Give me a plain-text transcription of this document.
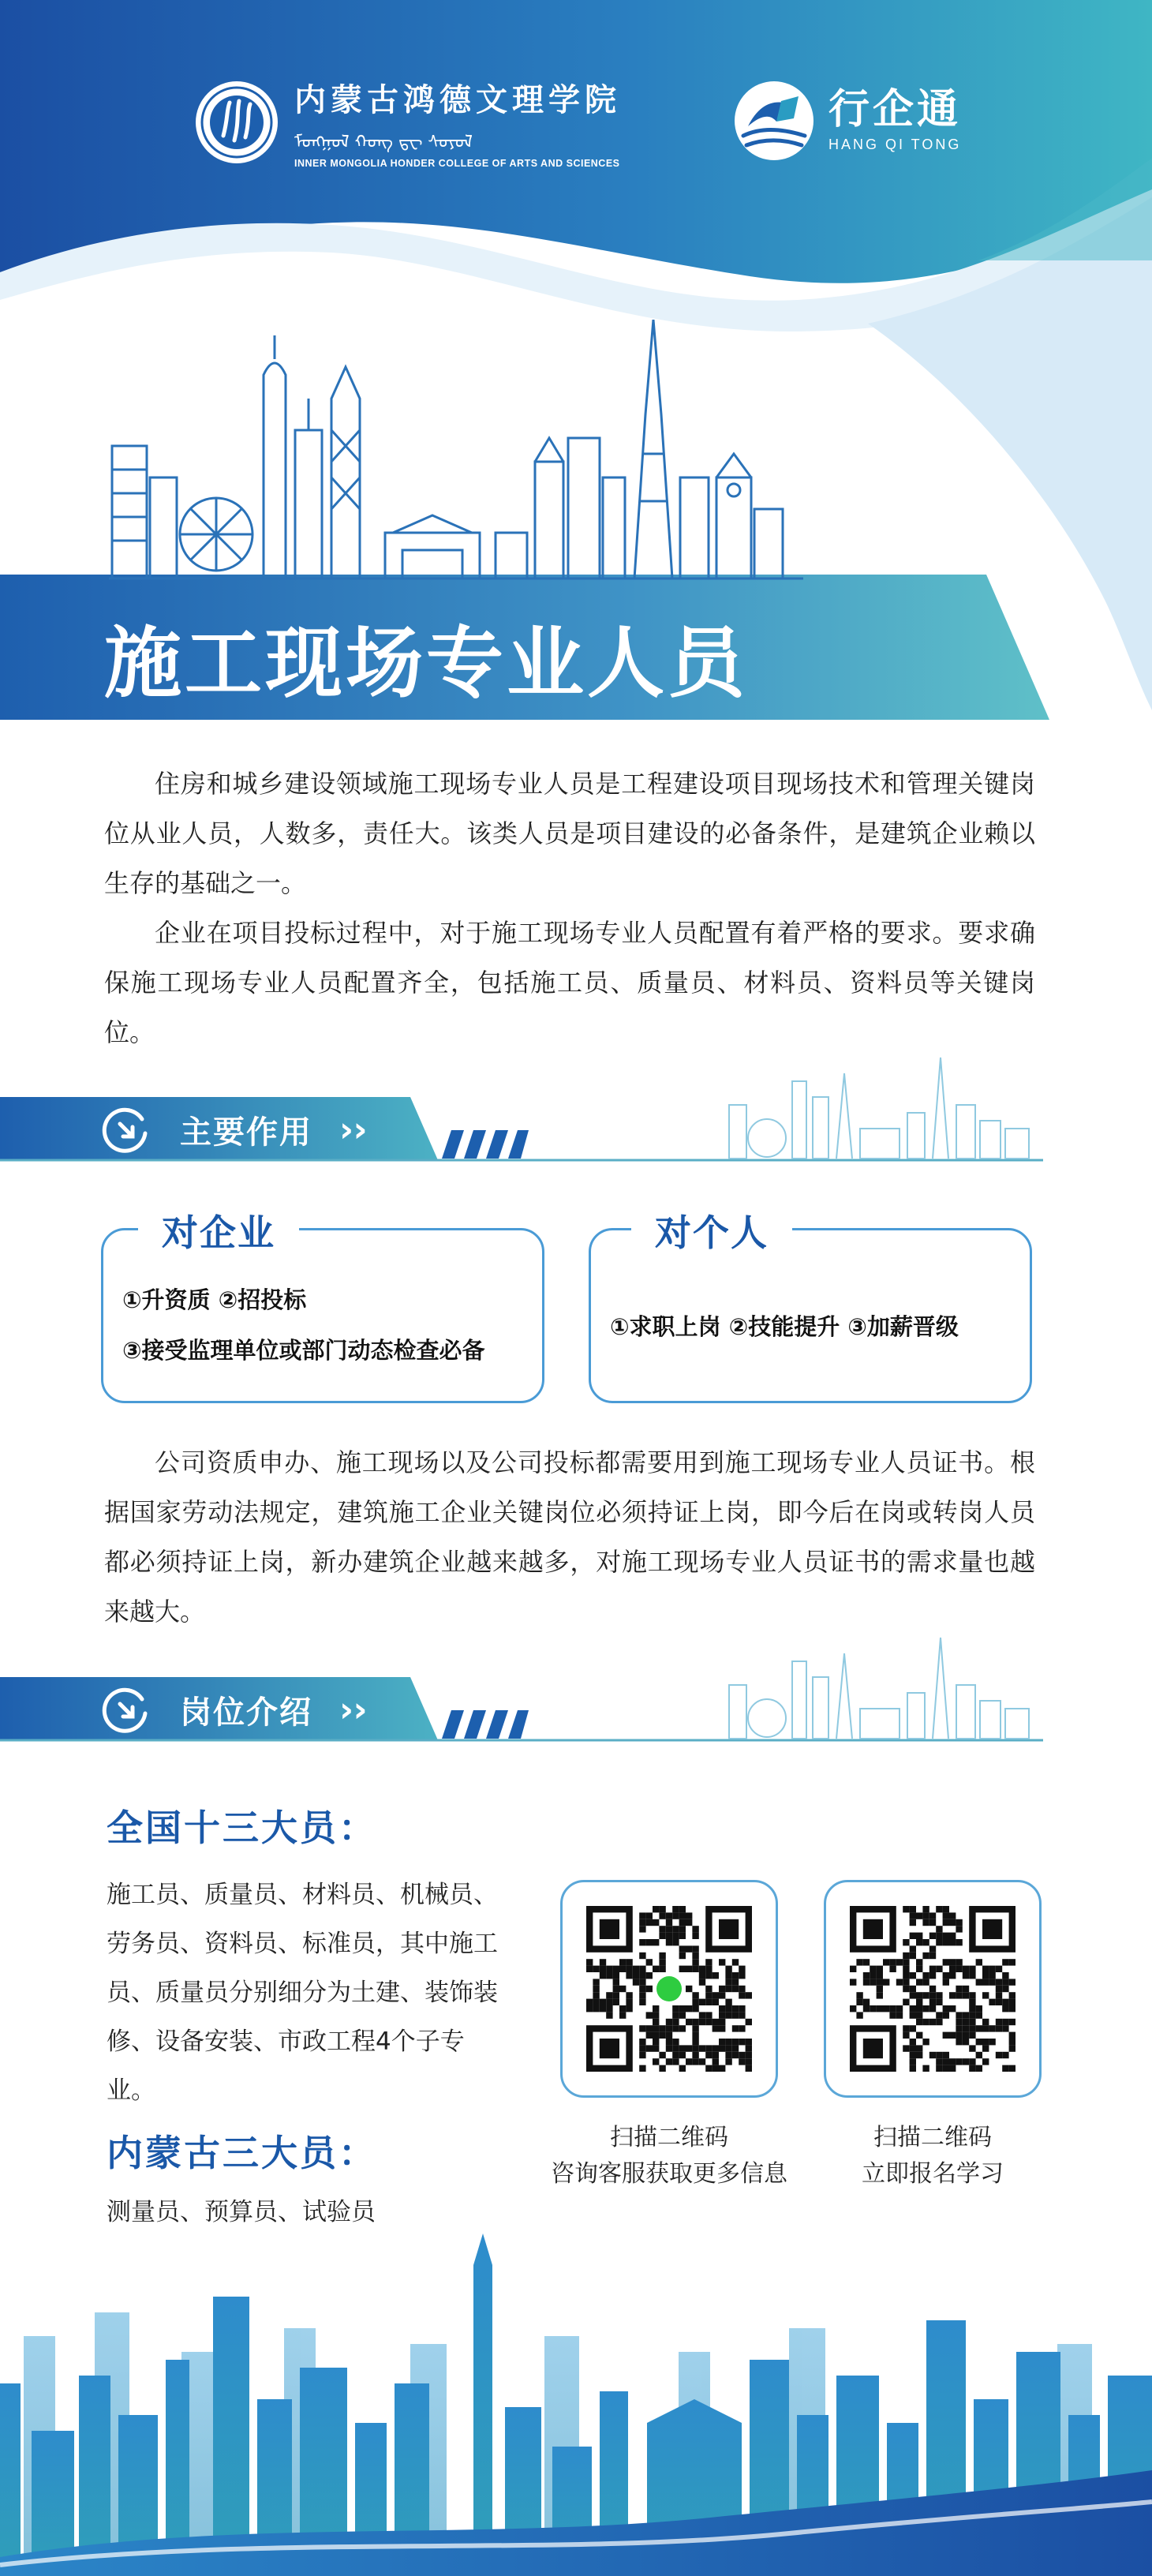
内蒙古鸿德文理学院
ᠮᠣᠩᠭᠣᠯ ᠬᠣᠩ ᠳᠧ ᠰᠣᠶᠣᠯ
INNER MONGOLIA HONDER COLLEGE OF ARTS AND SCIENCES
行企通
HANG QI TONG
施工现场专业人员

住房和城乡建设领域施工现场专业人员是工程建设项目现场技术和管理关键岗位从业人员，人数多，责任大。该类人员是项目建设的必备条件，是建筑企业赖以生存的基础之一。

企业在项目投标过程中，对于施工现场专业人员配置有着严格的要求。要求确保施工现场专业人员配置齐全，包括施工员、质量员、材料员、资料员等关键岗位。

主要作用 › ›
①升资质 ②招投标
③接受监理单位或部门动态检查必备
对企业
①求职上岗 ②技能提升 ③加薪晋级
对个人

公司资质申办、施工现场以及公司投标都需要用到施工现场专业人员证书。根据国家劳动法规定，建筑施工企业关键岗位必须持证上岗，即今后在岗或转岗人员都必须持证上岗，新办建筑企业越来越多，对施工现场专业人员证书的需求量也越来越大。

岗位介绍 › ›
全国十三大员：
施工员、质量员、材料员、机械员、劳务员、资料员、标准员，其中施工员、质量员分别细分为土建、装饰装修、设备安装、市政工程4个子专业。
内蒙古三大员：
测量员、预算员、试验员
扫描二维码
咨询客服获取更多信息
扫描二维码
立即报名学习
